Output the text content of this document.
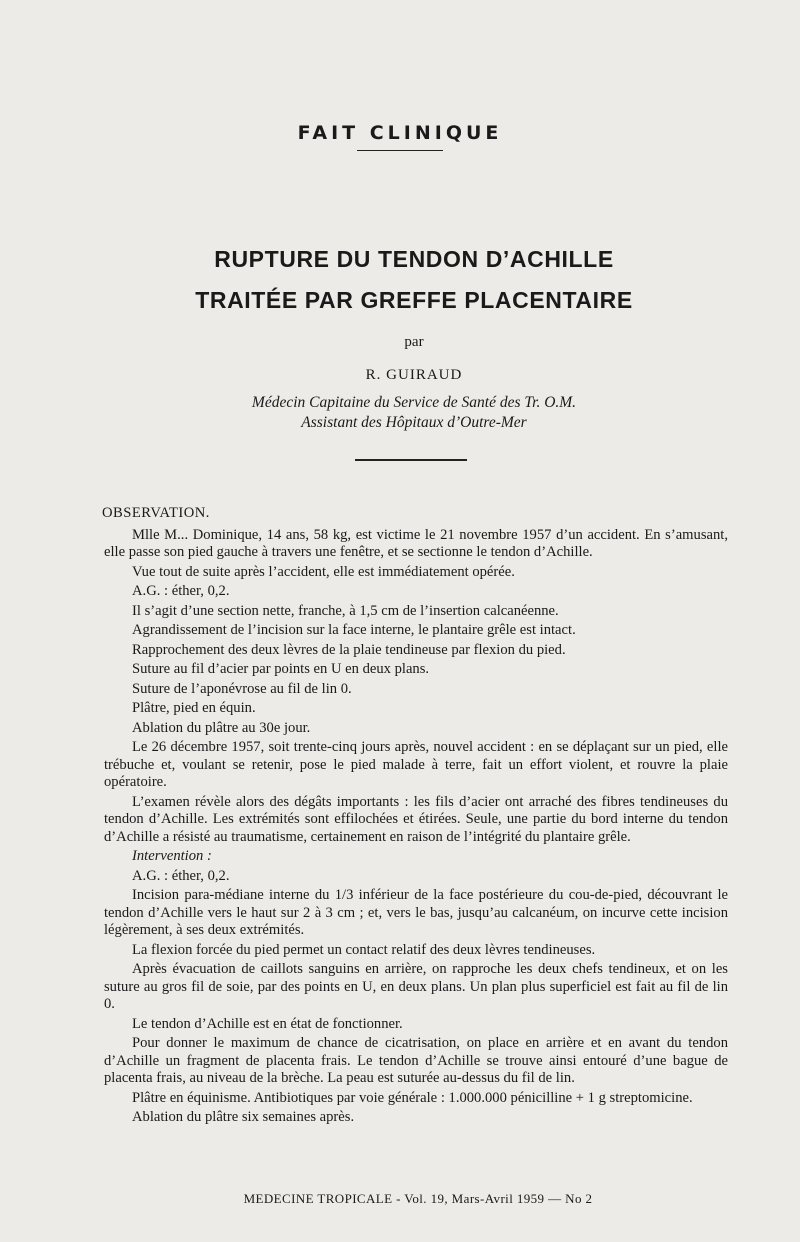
FAIT CLINIQUE
RUPTURE DU TENDON D’ACHILLE
TRAITÉE PAR GREFFE PLACENTAIRE
par
R. GUIRAUD
Médecin Capitaine du Service de Santé des Tr. O.M.
Assistant des Hôpitaux d’Outre-Mer
OBSERVATION.

Mlle M... Dominique, 14 ans, 58 kg, est victime le 21 novembre 1957 d’un accident. En s’amusant, elle passe son pied gauche à travers une fenêtre, et se sectionne le tendon d’Achille.

Vue tout de suite après l’accident, elle est immédiatement opérée.

A.G. : éther, 0,2.

Il s’agit d’une section nette, franche, à 1,5 cm de l’insertion calcanéenne.

Agrandissement de l’incision sur la face interne, le plantaire grêle est intact.

Rapprochement des deux lèvres de la plaie tendineuse par flexion du pied.

Suture au fil d’acier par points en U en deux plans.

Suture de l’aponévrose au fil de lin 0.

Plâtre, pied en équin.

Ablation du plâtre au 30e jour.

Le 26 décembre 1957, soit trente-cinq jours après, nouvel accident : en se déplaçant sur un pied, elle trébuche et, voulant se retenir, pose le pied malade à terre, fait un effort violent, et rouvre la plaie opératoire.

L’examen révèle alors des dégâts importants : les fils d’acier ont arraché des fibres tendineuses du tendon d’Achille. Les extrémités sont effilochées et étirées. Seule, une partie du bord interne du tendon d’Achille a résisté au traumatisme, certainement en raison de l’intégrité du plantaire grêle.

Intervention :

A.G. : éther, 0,2.

Incision para-médiane interne du 1/3 inférieur de la face postérieure du cou-de-pied, découvrant le tendon d’Achille vers le haut sur 2 à 3 cm ; et, vers le bas, jusqu’au calcanéum, on incurve cette incision légèrement, à ses deux extrémités.

La flexion forcée du pied permet un contact relatif des deux lèvres tendineuses.

Après évacuation de caillots sanguins en arrière, on rapproche les deux chefs tendineux, et on les suture au gros fil de soie, par des points en U, en deux plans. Un plan plus superficiel est fait au fil de lin 0.

Le tendon d’Achille est en état de fonctionner.

Pour donner le maximum de chance de cicatrisation, on place en arrière et en avant du tendon d’Achille un fragment de placenta frais. Le tendon d’Achille se trouve ainsi entouré d’une bague de placenta frais, au niveau de la brèche. La peau est suturée au-dessus du fil de lin.

Plâtre en équinisme. Antibiotiques par voie générale : 1.000.000 pénicilline + 1 g streptomicine.

Ablation du plâtre six semaines après.

MEDECINE TROPICALE - Vol. 19, Mars-Avril 1959 — No 2
